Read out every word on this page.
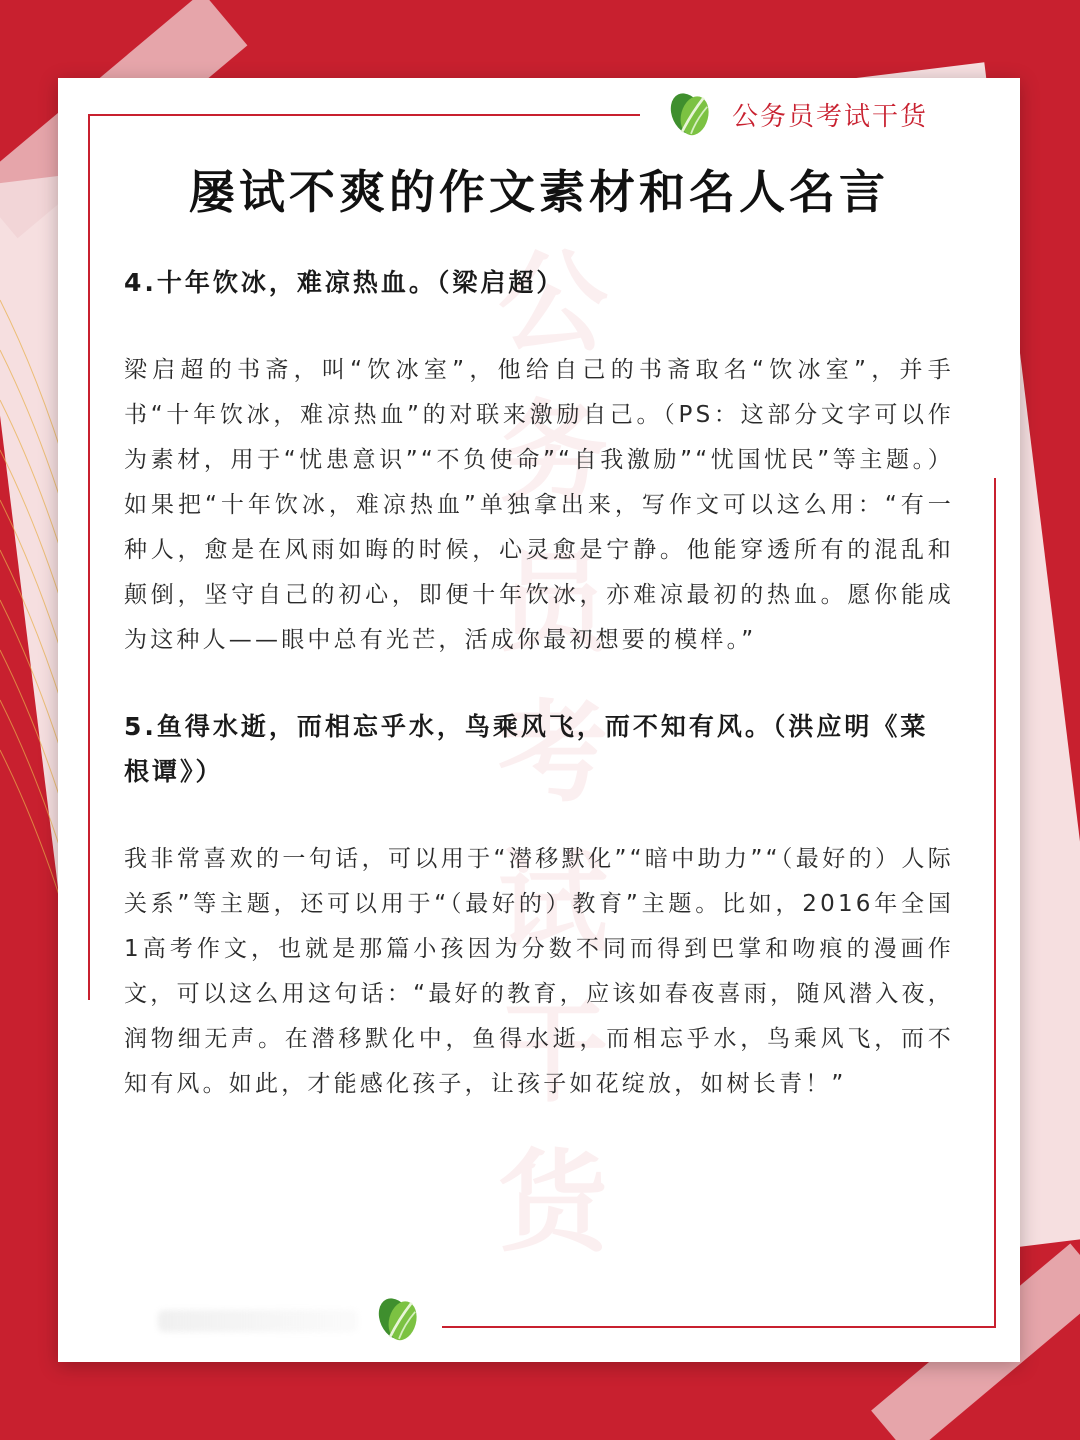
公务员考试干货
公务员考试干货
屡试不爽的作文素材和名人名言

4.十年饮冰，难凉热血。（梁启超）

梁启超的书斋，叫“饮冰室”，他给自己的书斋取名“饮冰室”，并手书“十年饮冰，难凉热血”的对联来激励自己。（PS：这部分文字可以作为素材，用于“忧患意识”“不负使命”“自我激励”“忧国忧民”等主题。）如果把“十年饮冰，难凉热血”单独拿出来，写作文可以这么用：“有一种人，愈是在风雨如晦的时候，心灵愈是宁静。他能穿透所有的混乱和颠倒，坚守自己的初心，即便十年饮冰，亦难凉最初的热血。愿你能成为这种人——眼中总有光芒，活成你最初想要的模样。”

5.鱼得水逝，而相忘乎水，鸟乘风飞，而不知有风。（洪应明《菜根谭》）

我非常喜欢的一句话，可以用于“潜移默化”“暗中助力”“（最好的）人际关系”等主题，还可以用于“（最好的）教育”主题。比如，2016年全国1高考作文，也就是那篇小孩因为分数不同而得到巴掌和吻痕的漫画作文，可以这么用这句话：“最好的教育，应该如春夜喜雨，随风潜入夜，润物细无声。在潜移默化中，鱼得水逝，而相忘乎水，鸟乘风飞，而不知有风。如此，才能感化孩子，让孩子如花绽放，如树长青！”
